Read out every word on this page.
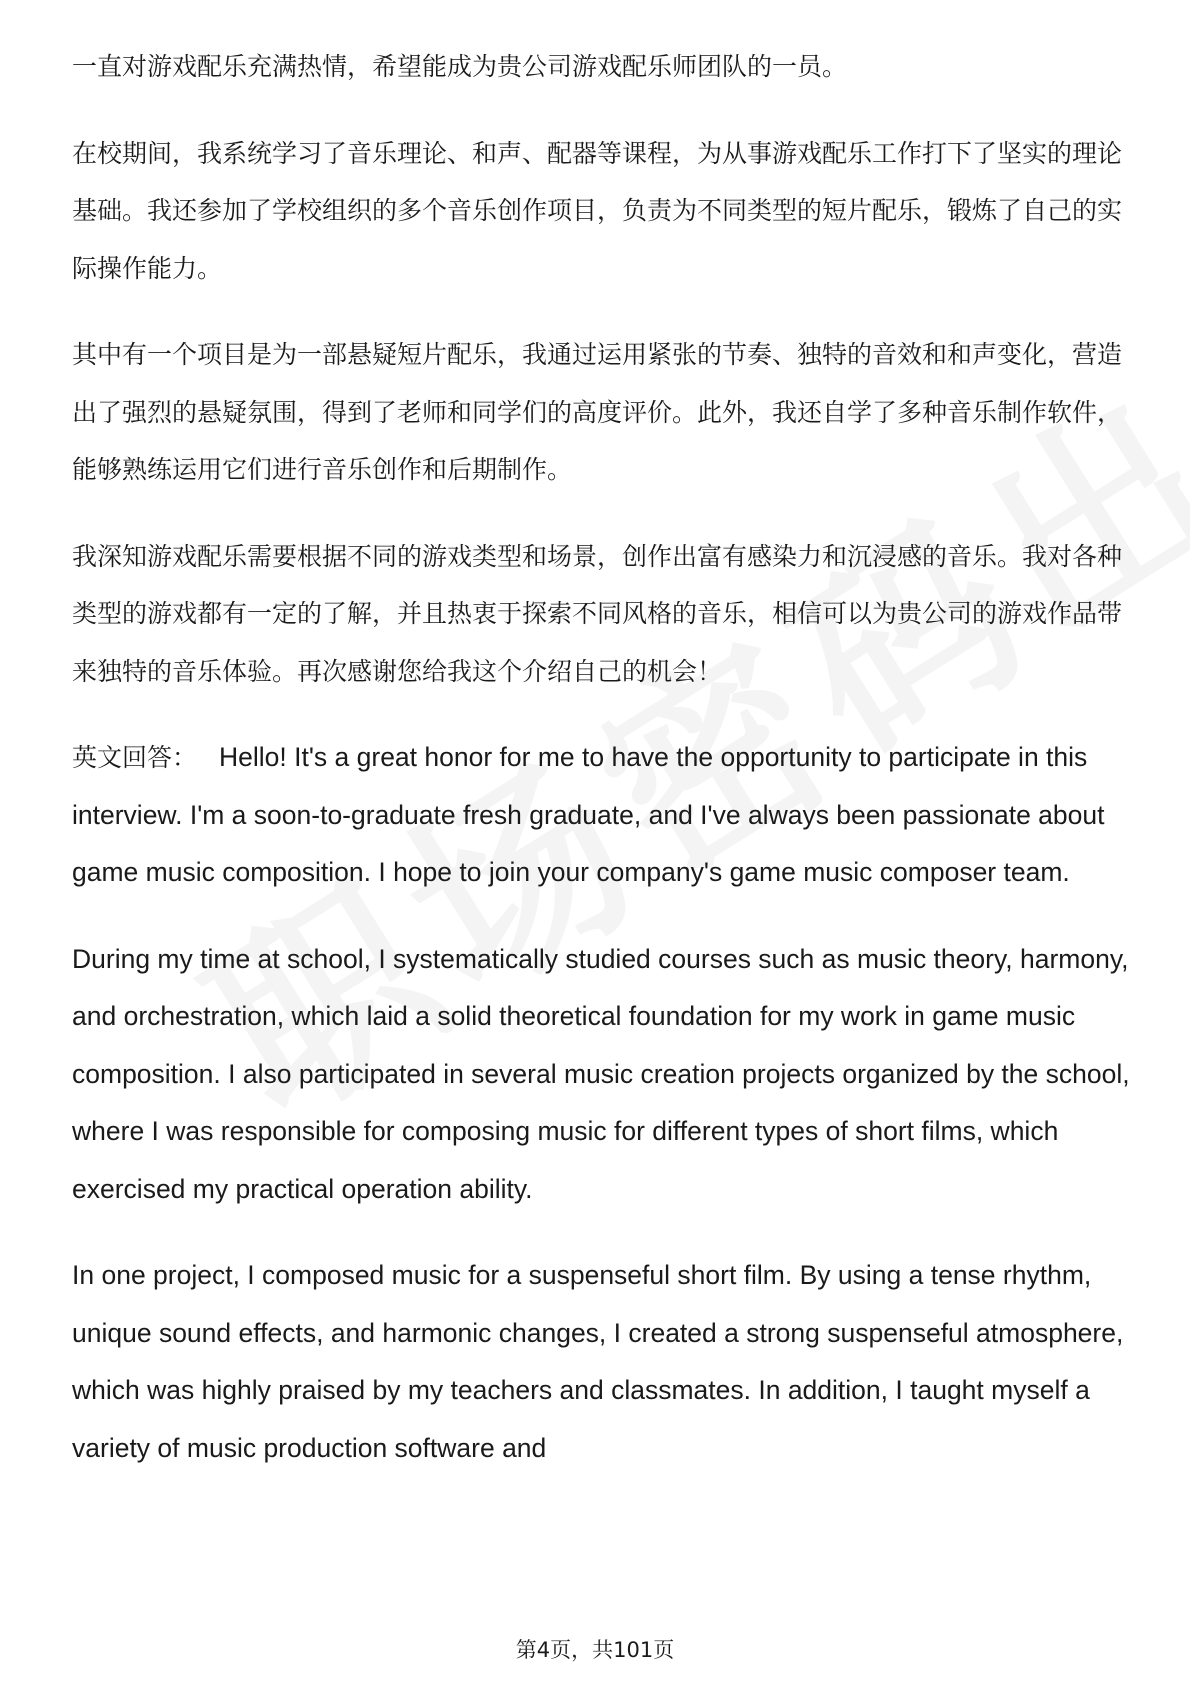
一直对游戏配乐充满热情，希望能成为贵公司游戏配乐师团队的一员。

在校期间，我系统学习了音乐理论、和声、配器等课程，为从事游戏配乐工作打下了坚实的理论基础。我还参加了学校组织的多个音乐创作项目，负责为不同类型的短片配乐，锻炼了自己的实际操作能力。

其中有一个项目是为一部悬疑短片配乐，我通过运用紧张的节奏、独特的音效和和声变化，营造出了强烈的悬疑氛围，得到了老师和同学们的高度评价。此外，我还自学了多种音乐制作软件，能够熟练运用它们进行音乐创作和后期制作。

我深知游戏配乐需要根据不同的游戏类型和场景，创作出富有感染力和沉浸感的音乐。我对各种类型的游戏都有一定的了解，并且热衷于探索不同风格的音乐，相信可以为贵公司的游戏作品带来独特的音乐体验。再次感谢您给我这个介绍自己的机会！

英文回答： Hello! It's a great honor for me to have the opportunity to participate in this interview. I'm a soon-to-graduate fresh graduate, and I've always been passionate about game music composition. I hope to join your company's game music composer team.

During my time at school, I systematically studied courses such as music theory, harmony, and orchestration, which laid a solid theoretical foundation for my work in game music composition. I also participated in several music creation projects organized by the school, where I was responsible for composing music for different types of short films, which exercised my practical operation ability.

In one project, I composed music for a suspenseful short film. By using a tense rhythm, unique sound effects, and harmonic changes, I created a strong suspenseful atmosphere, which was highly praised by my teachers and classmates. In addition, I taught myself a variety of music production software and

第4页，共101页
